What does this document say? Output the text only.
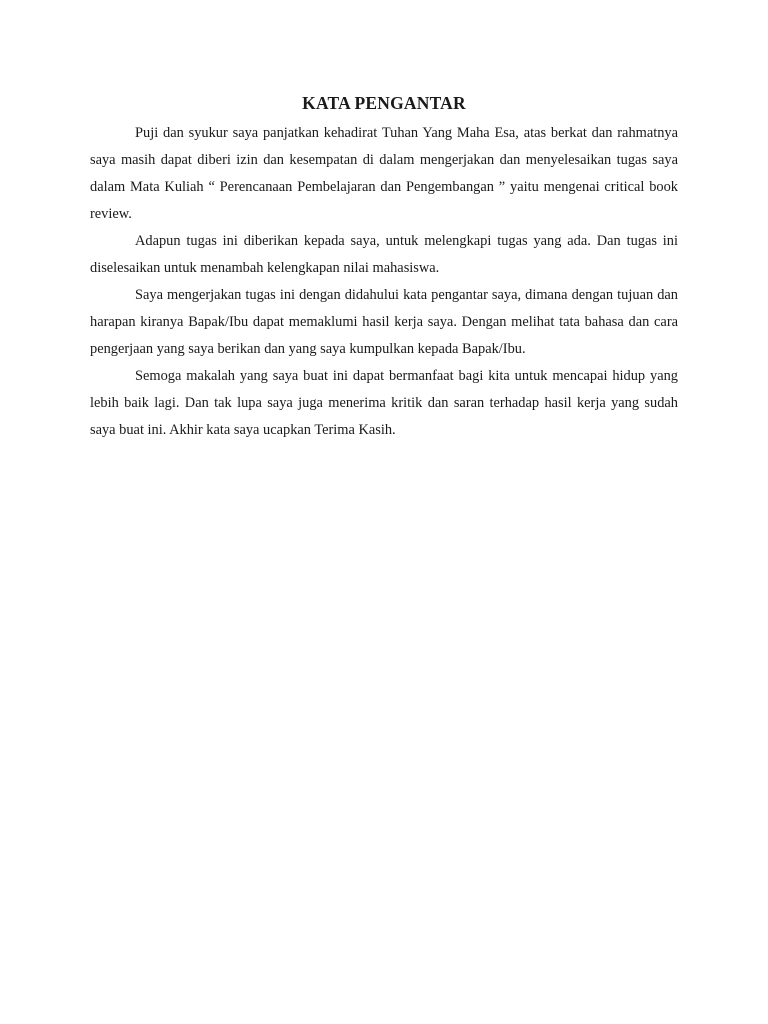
KATA PENGANTAR

Puji dan syukur saya panjatkan kehadirat Tuhan Yang Maha Esa, atas berkat dan rahmatnya saya masih dapat diberi izin dan kesempatan di dalam mengerjakan dan menyelesaikan tugas saya dalam Mata Kuliah “ Perencanaan Pembelajaran dan Pengembangan ” yaitu mengenai critical book review.

Adapun tugas ini diberikan kepada saya, untuk melengkapi tugas yang ada. Dan tugas ini diselesaikan untuk menambah kelengkapan nilai mahasiswa.

Saya mengerjakan tugas ini dengan didahului kata pengantar saya, dimana dengan tujuan dan harapan kiranya Bapak/Ibu dapat memaklumi hasil kerja saya. Dengan melihat tata bahasa dan cara pengerjaan yang saya berikan dan yang saya kumpulkan kepada Bapak/Ibu.

Semoga makalah yang saya buat ini dapat bermanfaat bagi kita untuk mencapai hidup yang lebih baik lagi. Dan tak lupa saya juga menerima kritik dan saran terhadap hasil kerja yang sudah saya buat ini. Akhir kata saya ucapkan Terima Kasih.
